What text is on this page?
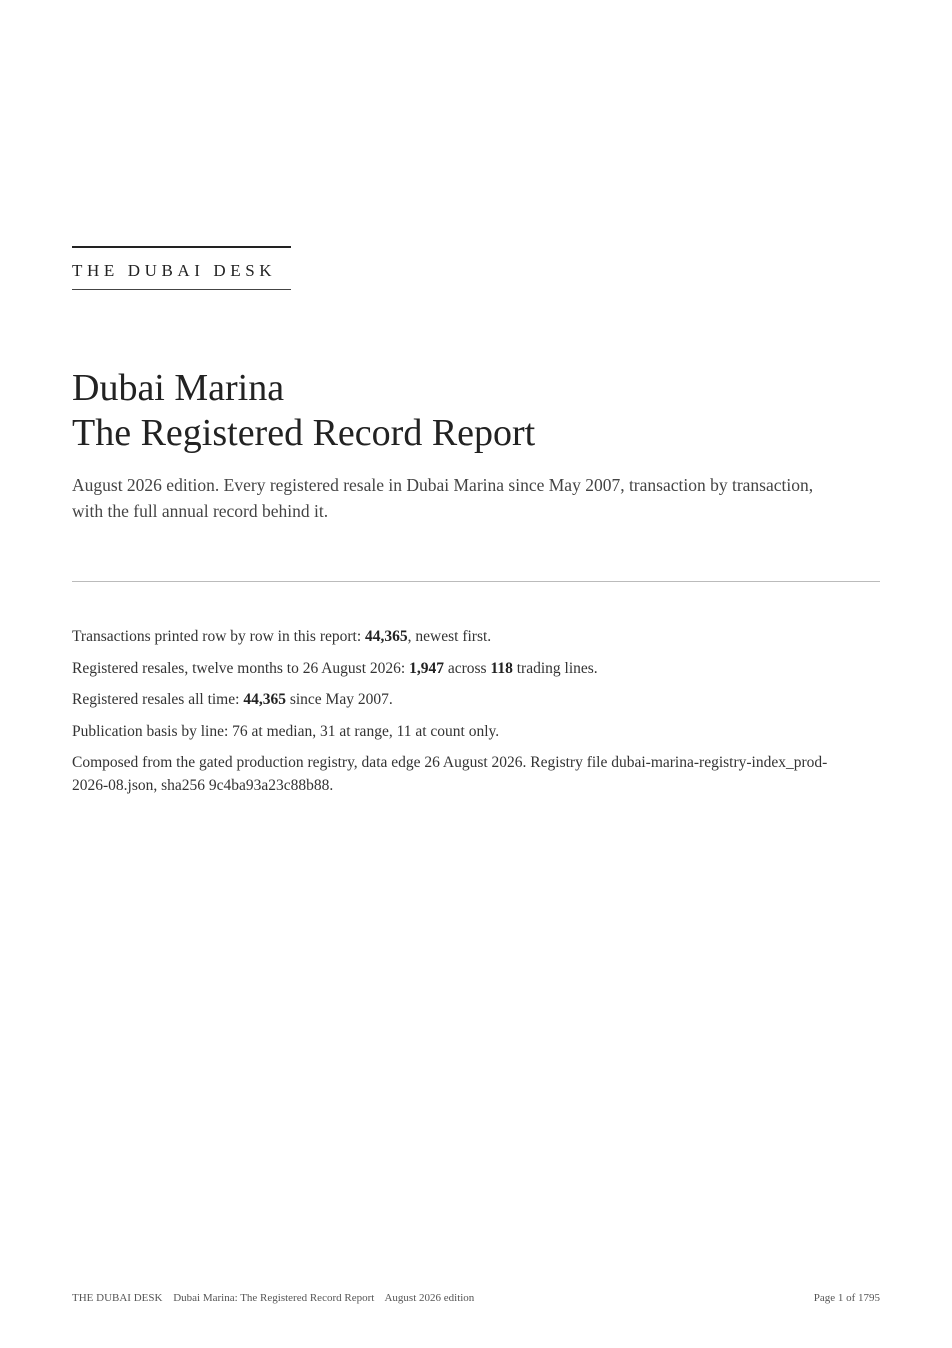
THE DUBAI DESK
Dubai Marina
The Registered Record Report

August 2026 edition. Every registered resale in Dubai Marina since May 2007, transaction by transaction, with the full annual record behind it.

Transactions printed row by row in this report: 44,365, newest first.

Registered resales, twelve months to 26 August 2026: 1,947 across 118 trading lines.

Registered resales all time: 44,365 since May 2007.

Publication basis by line: 76 at median, 31 at range, 11 at count only.

Composed from the gated production registry, data edge 26 August 2026. Registry file dubai-marina-registry-index_prod-2026-08.json, sha256 9c4ba93a23c88b88.

THE DUBAI DESK Dubai Marina: The Registered Record Report August 2026 edition	Page 1 of 1795
